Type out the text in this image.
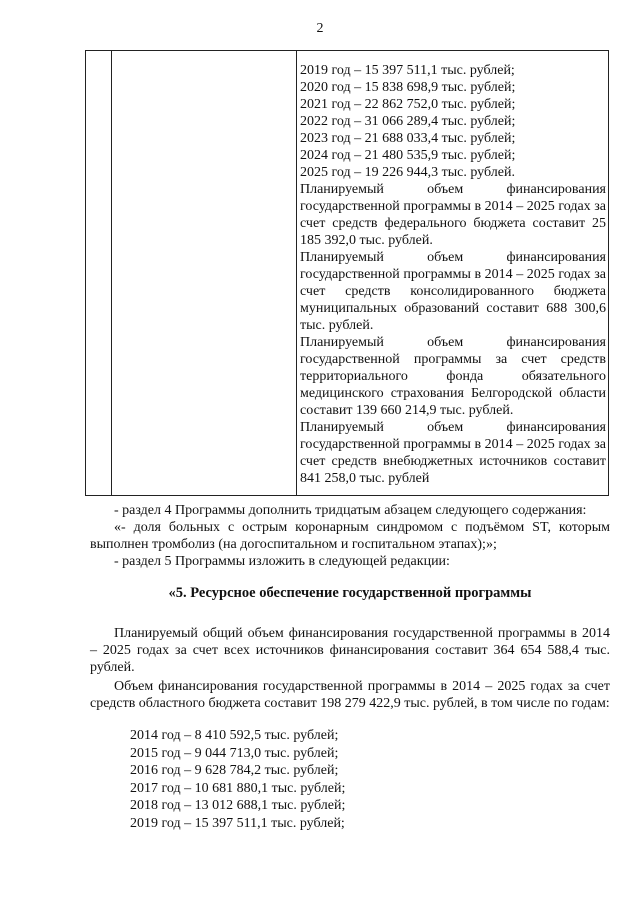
2
2019 год – 15 397 511,1 тыс. рублей;
2020 год – 15 838 698,9 тыс. рублей;
2021 год – 22 862 752,0 тыс. рублей;
2022 год – 31 066 289,4 тыс. рублей;
2023 год – 21 688 033,4 тыс. рублей;
2024 год – 21 480 535,9 тыс. рублей;
2025 год – 19 226 944,3 тыс. рублей.
Планируемый объем финансирования государственной программы в 2014 – 2025 годах за счет средств федерального бюджета составит 25 185 392,0 тыс. рублей.
Планируемый объем финансирования государственной программы в 2014 – 2025 годах за счет средств консолидированного бюджета муниципальных образований составит 688 300,6 тыс. рублей.
Планируемый объем финансирования государственной программы за счет средств территориального фонда обязательного медицинского страхования Белгородской области составит 139 660 214,9 тыс. рублей.
Планируемый объем финансирования государственной программы в 2014 – 2025 годах за счет средств внебюджетных источников составит 841 258,0 тыс. рублей

- раздел 4 Программы дополнить тридцатым абзацем следующего содержания:

«- доля больных с острым коронарным синдромом с подъёмом ST, которым выполнен тромболиз (на догоспитальном и госпитальном этапах);»;

- раздел 5 Программы изложить в следующей редакции:

«5. Ресурсное обеспечение государственной программы

Планируемый общий объем финансирования государственной программы в 2014 – 2025 годах за счет всех источников финансирования составит 364 654 588,4 тыс. рублей.

Объем финансирования государственной программы в 2014 – 2025 годах за счет средств областного бюджета составит 198 279 422,9 тыс. рублей, в том числе по годам:

2014 год – 8 410 592,5 тыс. рублей;
2015 год – 9 044 713,0 тыс. рублей;
2016 год – 9 628 784,2 тыс. рублей;
2017 год – 10 681 880,1 тыс. рублей;
2018 год – 13 012 688,1 тыс. рублей;
2019 год – 15 397 511,1 тыс. рублей;
